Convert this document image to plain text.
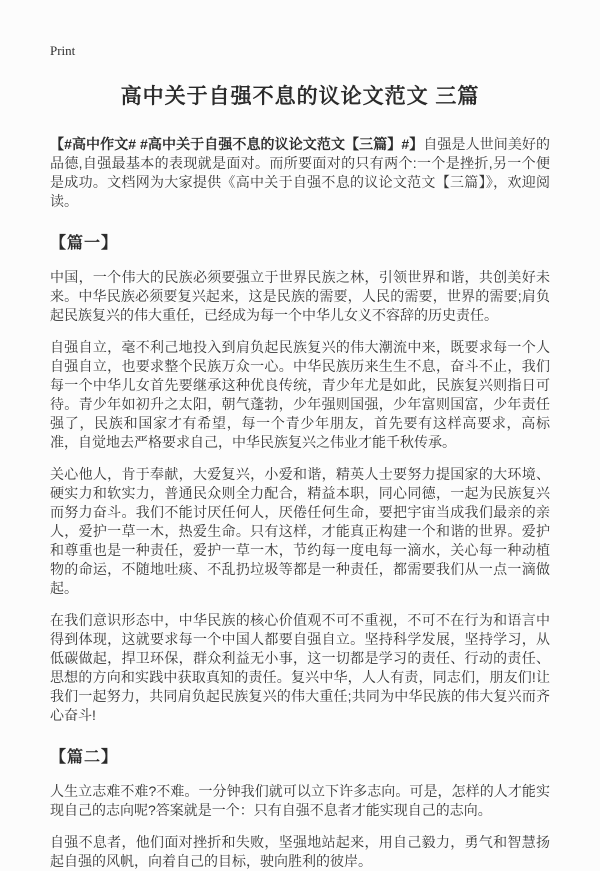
Print
高中关于自强不息的议论文范文 三篇

【#高中作文# #高中关于自强不息的议论文范文【三篇】#】自强是人世间美好的品德,自强最基本的表现就是面对。而所要面对的只有两个:一个是挫折,另一个便是成功。文档网为大家提供《高中关于自强不息的议论文范文【三篇】》，欢迎阅读。

【篇一】

中国，一个伟大的民族必须要强立于世界民族之林，引领世界和谐，共创美好未来。中华民族必须要复兴起来，这是民族的需要，人民的需要，世界的需要;肩负起民族复兴的伟大重任，已经成为每一个中华儿女义不容辞的历史责任。

自强自立，毫不利己地投入到肩负起民族复兴的伟大潮流中来，既要求每一个人自强自立，也要求整个民族万众一心。中华民族历来生生不息，奋斗不止，我们每一个中华儿女首先要继承这种优良传统，青少年尤是如此，民族复兴则指日可待。青少年如初升之太阳，朝气蓬勃，少年强则国强，少年富则国富，少年责任强了，民族和国家才有希望，每一个青少年朋友，首先要有这样高要求，高标准，自觉地去严格要求自己，中华民族复兴之伟业才能千秋传承。

关心他人，肯于奉献，大爱复兴，小爱和谐，精英人士要努力提国家的大环境、硬实力和软实力，普通民众则全力配合，精益本职，同心同德，一起为民族复兴而努力奋斗。我们不能讨厌任何人，厌倦任何生命，要把宇宙当成我们最亲的亲人，爱护一草一木，热爱生命。只有这样，才能真正构建一个和谐的世界。爱护和尊重也是一种责任，爱护一草一木，节约每一度电每一滴水，关心每一种动植物的命运，不随地吐痰、不乱扔垃圾等都是一种责任，都需要我们从一点一滴做起。

在我们意识形态中，中华民族的核心价值观不可不重视，不可不在行为和语言中得到体现，这就要求每一个中国人都要自强自立。坚持科学发展，坚持学习，从低碳做起，捍卫环保，群众利益无小事，这一切都是学习的责任、行动的责任、思想的方向和实践中获取真知的责任。复兴中华，人人有责，同志们，朋友们!让我们一起努力，共同肩负起民族复兴的伟大重任;共同为中华民族的伟大复兴而齐心奋斗!

【篇二】

人生立志难不难?不难。一分钟我们就可以立下许多志向。可是，怎样的人才能实现自己的志向呢?答案就是一个：只有自强不息者才能实现自己的志向。

自强不息者，他们面对挫折和失败，坚强地站起来，用自己毅力，勇气和智慧扬起自强的风帆，向着自己的目标，驶向胜利的彼岸。
